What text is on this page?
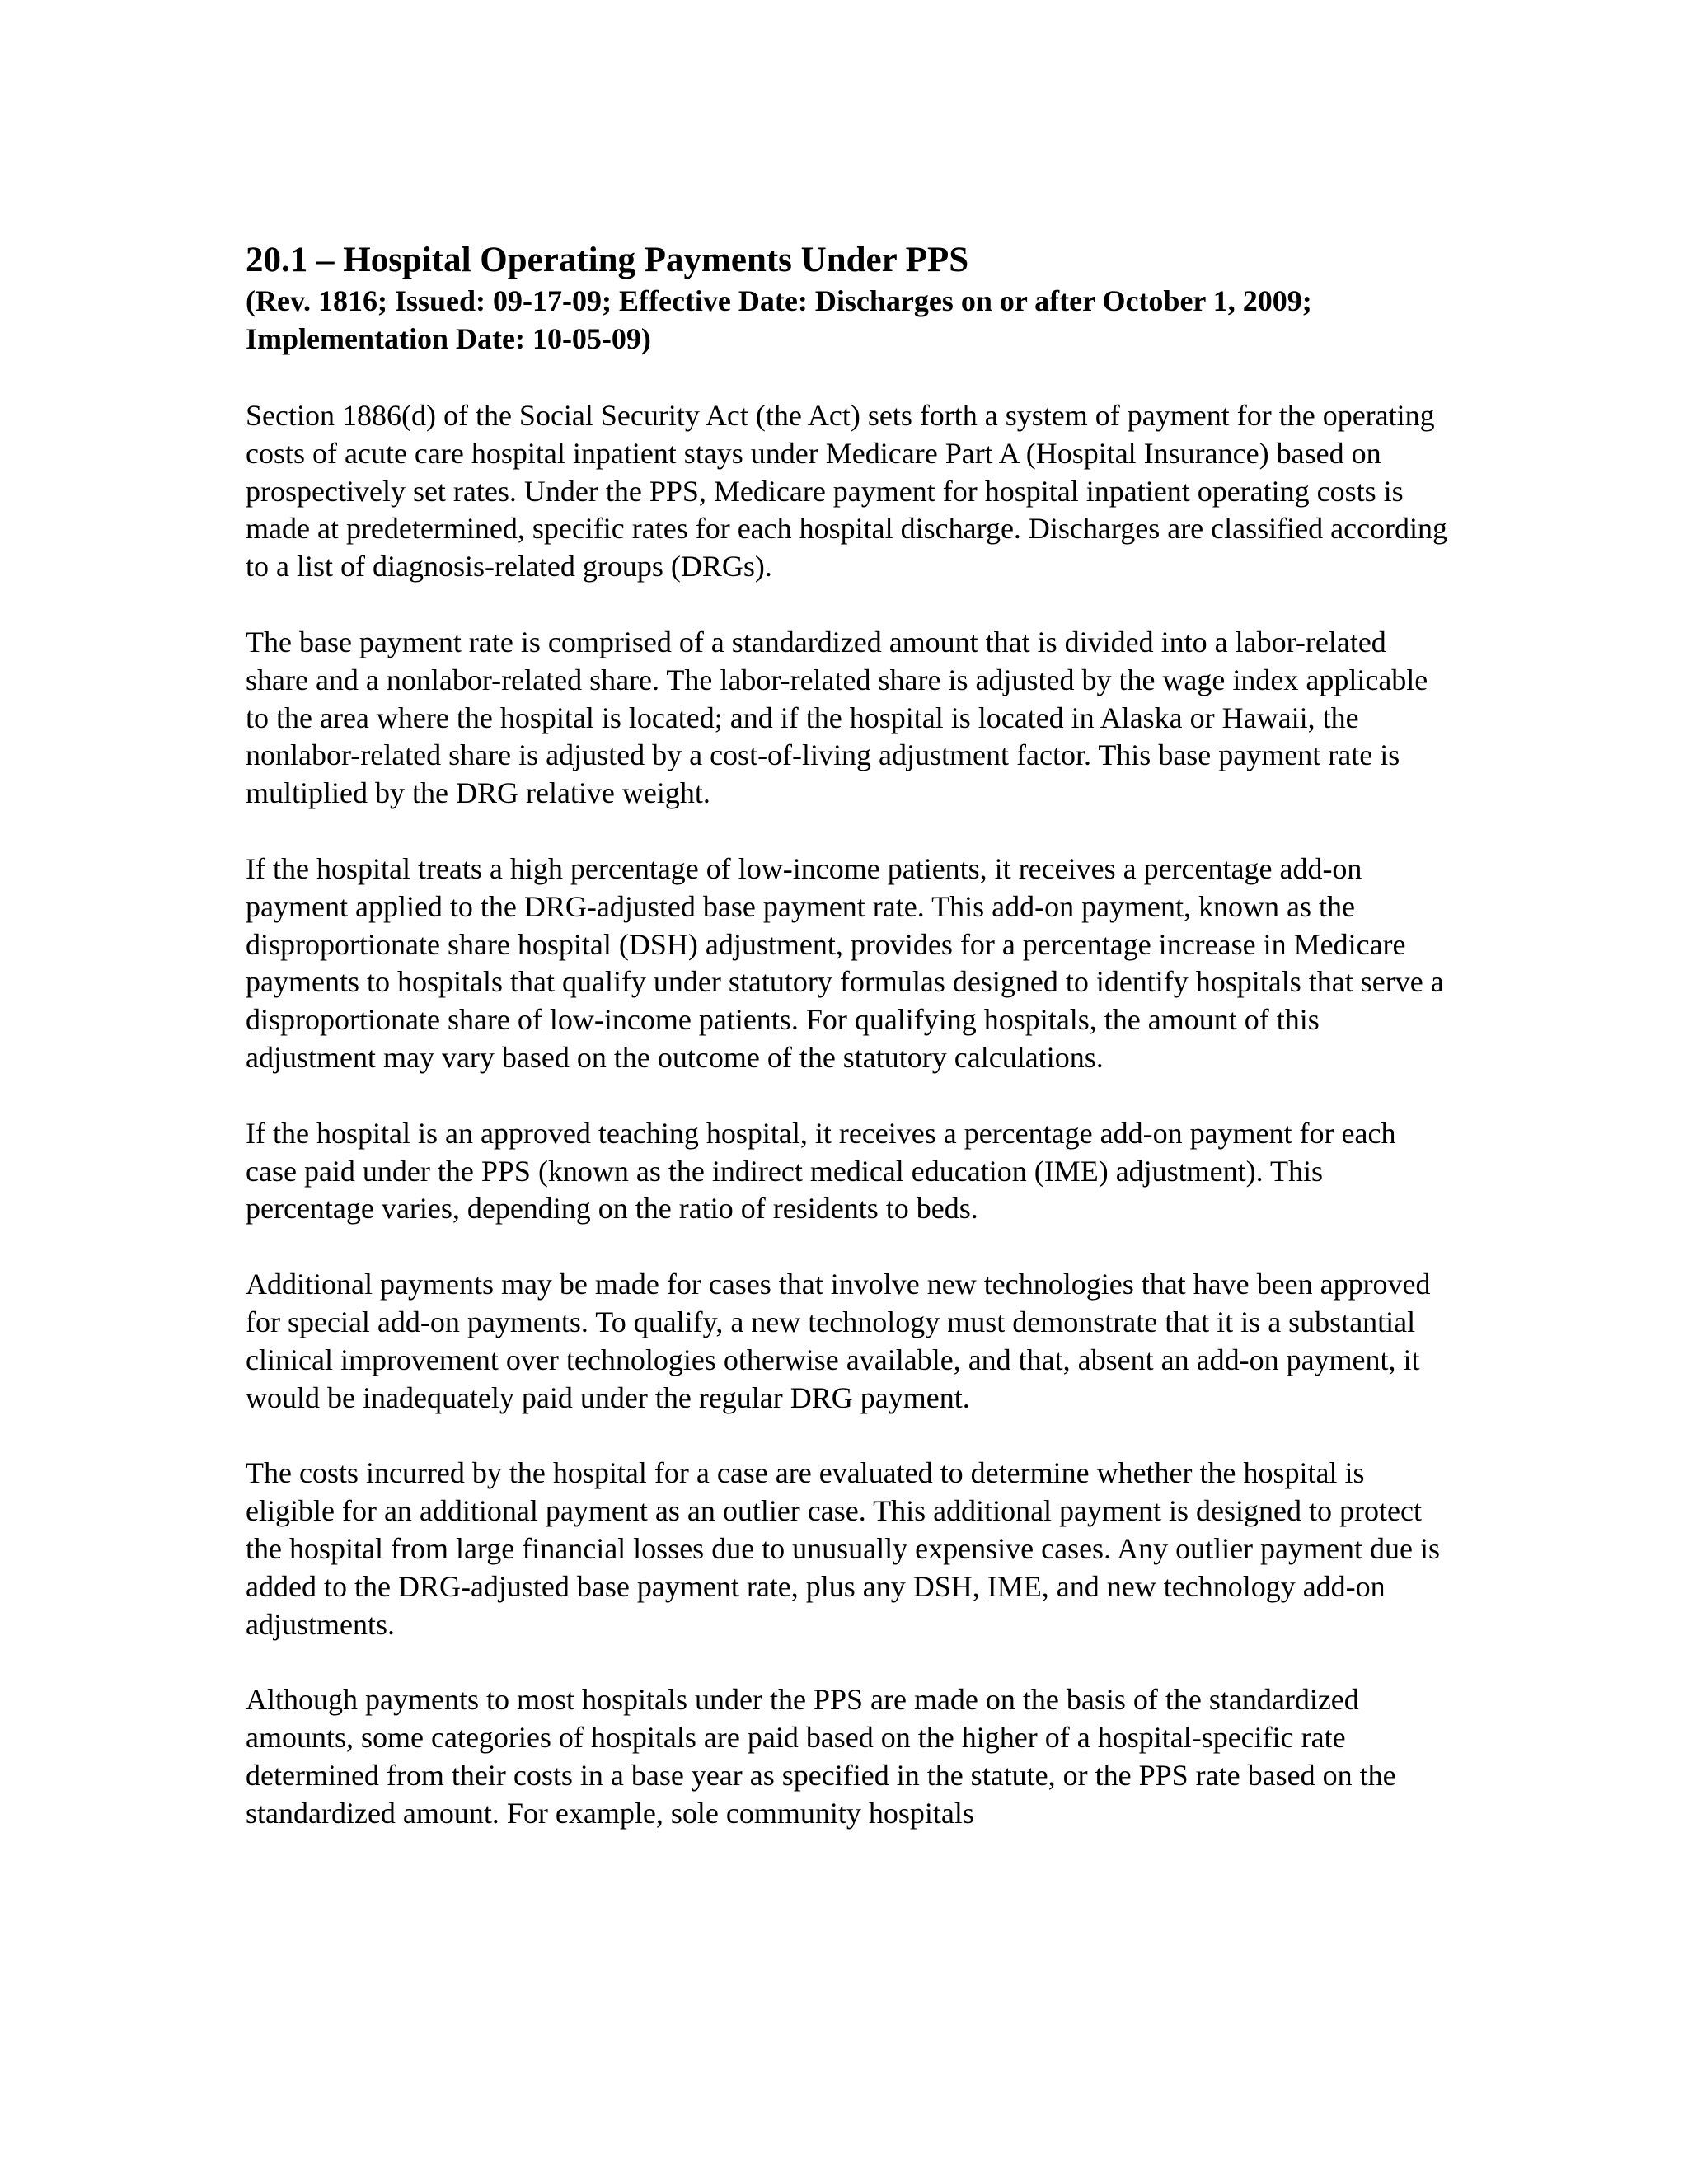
20.1 – Hospital Operating Payments Under PPS

(Rev. 1816; Issued: 09-17-09; Effective Date: Discharges on or after October 1, 2009; Implementation Date: 10-05-09)

Section 1886(d) of the Social Security Act (the Act) sets forth a system of payment for the operating costs of acute care hospital inpatient stays under Medicare Part A (Hospital Insurance) based on prospectively set rates. Under the PPS, Medicare payment for hospital inpatient operating costs is made at predetermined, specific rates for each hospital discharge. Discharges are classified according to a list of diagnosis-related groups (DRGs).

The base payment rate is comprised of a standardized amount that is divided into a labor-related share and a nonlabor-related share. The labor-related share is adjusted by the wage index applicable to the area where the hospital is located; and if the hospital is located in Alaska or Hawaii, the nonlabor-related share is adjusted by a cost-of-living adjustment factor. This base payment rate is multiplied by the DRG relative weight.

If the hospital treats a high percentage of low-income patients, it receives a percentage add-on payment applied to the DRG-adjusted base payment rate. This add-on payment, known as the disproportionate share hospital (DSH) adjustment, provides for a percentage increase in Medicare payments to hospitals that qualify under statutory formulas designed to identify hospitals that serve a disproportionate share of low-income patients. For qualifying hospitals, the amount of this adjustment may vary based on the outcome of the statutory calculations.

If the hospital is an approved teaching hospital, it receives a percentage add-on payment for each case paid under the PPS (known as the indirect medical education (IME) adjustment). This percentage varies, depending on the ratio of residents to beds.

Additional payments may be made for cases that involve new technologies that have been approved for special add-on payments. To qualify, a new technology must demonstrate that it is a substantial clinical improvement over technologies otherwise available, and that, absent an add-on payment, it would be inadequately paid under the regular DRG payment.

The costs incurred by the hospital for a case are evaluated to determine whether the hospital is eligible for an additional payment as an outlier case. This additional payment is designed to protect the hospital from large financial losses due to unusually expensive cases. Any outlier payment due is added to the DRG-adjusted base payment rate, plus any DSH, IME, and new technology add-on adjustments.

Although payments to most hospitals under the PPS are made on the basis of the standardized amounts, some categories of hospitals are paid based on the higher of a hospital-specific rate determined from their costs in a base year as specified in the statute, or the PPS rate based on the standardized amount. For example, sole community hospitals
